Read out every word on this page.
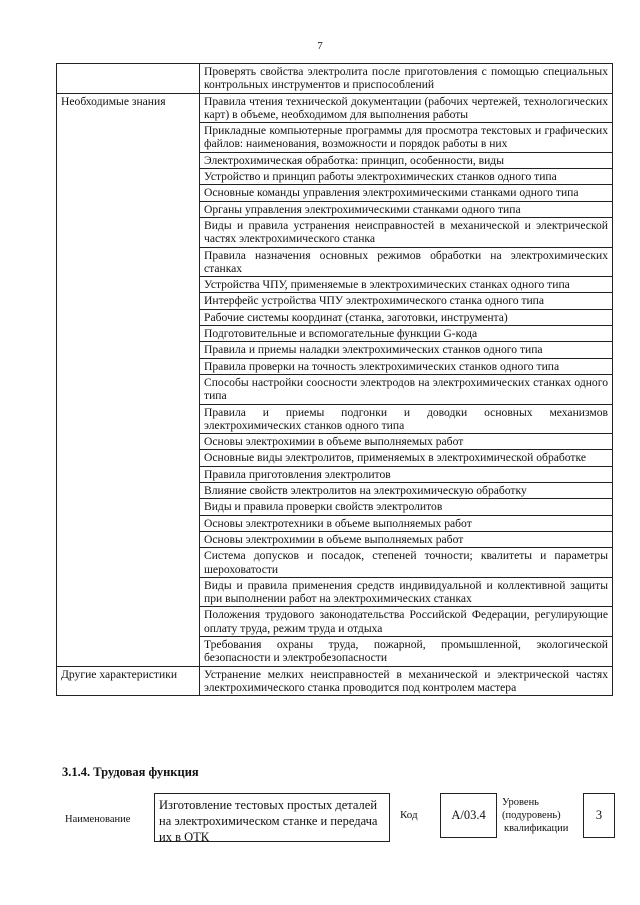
7
	Проверять свойства электролита после приготовления с помощью специальных контрольных инструментов и приспособлений
Необходимые знания	Правила чтения технической документации (рабочих чертежей, технологических карт) в объеме, необходимом для выполнения работы
	Прикладные компьютерные программы для просмотра текстовых и графических файлов: наименования, возможности и порядок работы в них
	Электрохимическая обработка: принцип, особенности, виды
	Устройство и принцип работы электрохимических станков одного типа
	Основные команды управления электрохимическими станками одного типа
	Органы управления электрохимическими станками одного типа
	Виды и правила устранения неисправностей в механической и электрической частях электрохимического станка
	Правила назначения основных режимов обработки на электрохимических станках
	Устройства ЧПУ, применяемые в электрохимических станках одного типа
	Интерфейс устройства ЧПУ электрохимического станка одного типа
	Рабочие системы координат (станка, заготовки, инструмента)
	Подготовительные и вспомогательные функции G-кода
	Правила и приемы наладки электрохимических станков одного типа
	Правила проверки на точность электрохимических станков одного типа
	Способы настройки соосности электродов на электрохимических станках одного типа
	Правила и приемы подгонки и доводки основных механизмов электрохимических станков одного типа
	Основы электрохимии в объеме выполняемых работ
	Основные виды электролитов, применяемых в электрохимической обработке
	Правила приготовления электролитов
	Влияние свойств электролитов на электрохимическую обработку
	Виды и правила проверки свойств электролитов
	Основы электротехники в объеме выполняемых работ
	Основы электрохимии в объеме выполняемых работ
	Система допусков и посадок, степеней точности; квалитеты и параметры шероховатости
	Виды и правила применения средств индивидуальной и коллективной защиты при выполнении работ на электрохимических станках
	Положения трудового законодательства Российской Федерации, регулирующие оплату труда, режим труда и отдыха
	Требования охраны труда, пожарной, промышленной, экологической безопасности и электробезопасности
Другие характеристики	Устранение мелких неисправностей в механической и электрической частях электрохимического станка проводится под контролем мастера
3.1.4. Трудовая функция
Наименование
Изготовление тестовых простых деталей на электрохимическом станке и передача их в ОТК
Код	A/03.4
Уровень
(подуровень)
квалификации
3
